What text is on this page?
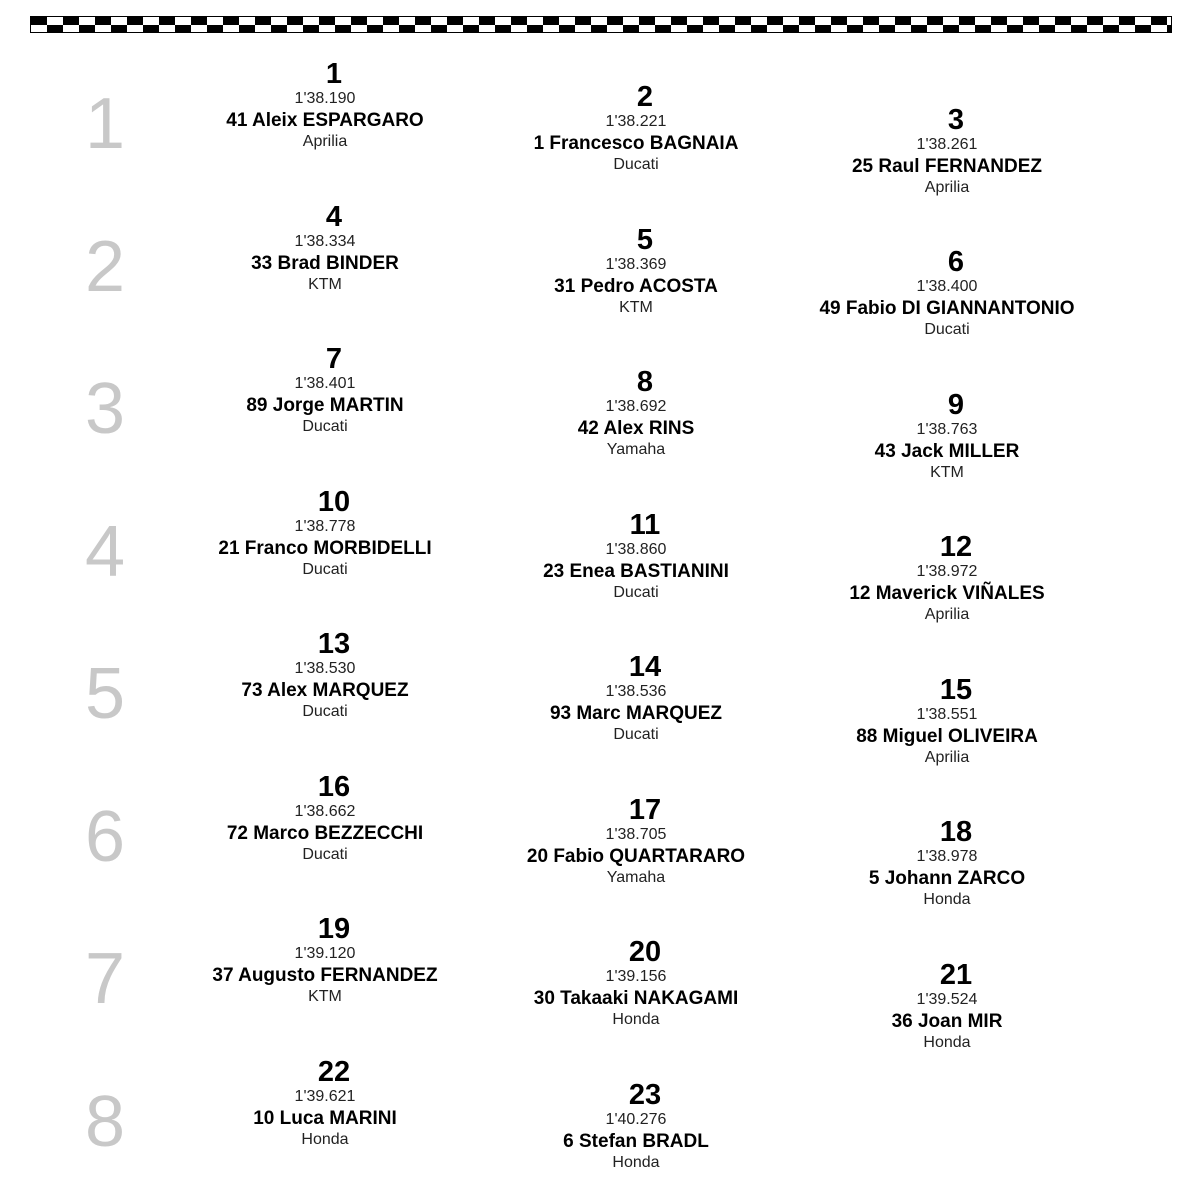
1
2
3
4
5
6
7
8
1
1'38.190
41 Aleix ESPARGARO
Aprilia
2
1'38.221
1 Francesco BAGNAIA
Ducati
3
1'38.261
25 Raul FERNANDEZ
Aprilia
4
1'38.334
33 Brad BINDER
KTM
5
1'38.369
31 Pedro ACOSTA
KTM
6
1'38.400
49 Fabio DI GIANNANTONIO
Ducati
7
1'38.401
89 Jorge MARTIN
Ducati
8
1'38.692
42 Alex RINS
Yamaha
9
1'38.763
43 Jack MILLER
KTM
10
1'38.778
21 Franco MORBIDELLI
Ducati
11
1'38.860
23 Enea BASTIANINI
Ducati
12
1'38.972
12 Maverick VIÑALES
Aprilia
13
1'38.530
73 Alex MARQUEZ
Ducati
14
1'38.536
93 Marc MARQUEZ
Ducati
15
1'38.551
88 Miguel OLIVEIRA
Aprilia
16
1'38.662
72 Marco BEZZECCHI
Ducati
17
1'38.705
20 Fabio QUARTARARO
Yamaha
18
1'38.978
5 Johann ZARCO
Honda
19
1'39.120
37 Augusto FERNANDEZ
KTM
20
1'39.156
30 Takaaki NAKAGAMI
Honda
21
1'39.524
36 Joan MIR
Honda
22
1'39.621
10 Luca MARINI
Honda
23
1'40.276
6 Stefan BRADL
Honda
